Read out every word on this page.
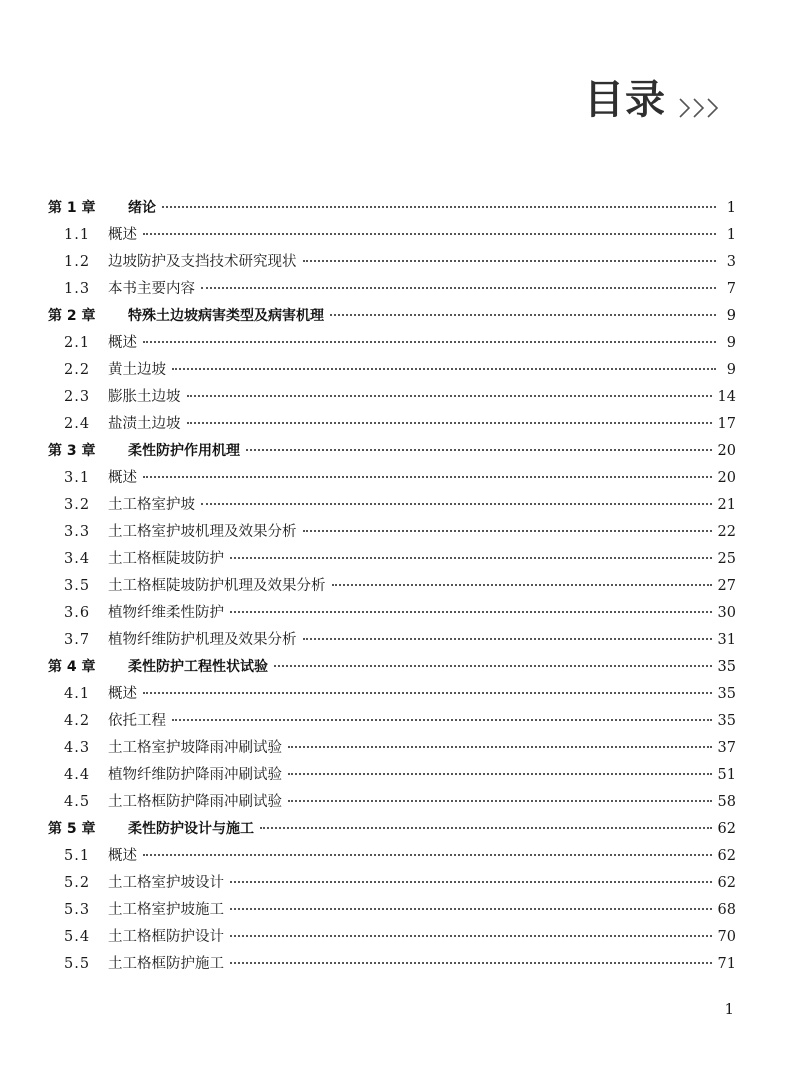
目录
第 1 章	绪论	1
1.1	概述	1
1.2	边坡防护及支挡技术研究现状	3
1.3	本书主要内容	7
第 2 章	特殊土边坡病害类型及病害机理	9
2.1	概述	9
2.2	黄土边坡	9
2.3	膨胀土边坡	14
2.4	盐渍土边坡	17
第 3 章	柔性防护作用机理	20
3.1	概述	20
3.2	土工格室护坡	21
3.3	土工格室护坡机理及效果分析	22
3.4	土工格框陡坡防护	25
3.5	土工格框陡坡防护机理及效果分析	27
3.6	植物纤维柔性防护	30
3.7	植物纤维防护机理及效果分析	31
第 4 章	柔性防护工程性状试验	35
4.1	概述	35
4.2	依托工程	35
4.3	土工格室护坡降雨冲刷试验	37
4.4	植物纤维防护降雨冲刷试验	51
4.5	土工格框防护降雨冲刷试验	58
第 5 章	柔性防护设计与施工	62
5.1	概述	62
5.2	土工格室护坡设计	62
5.3	土工格室护坡施工	68
5.4	土工格框防护设计	70
5.5	土工格框防护施工	71
1
